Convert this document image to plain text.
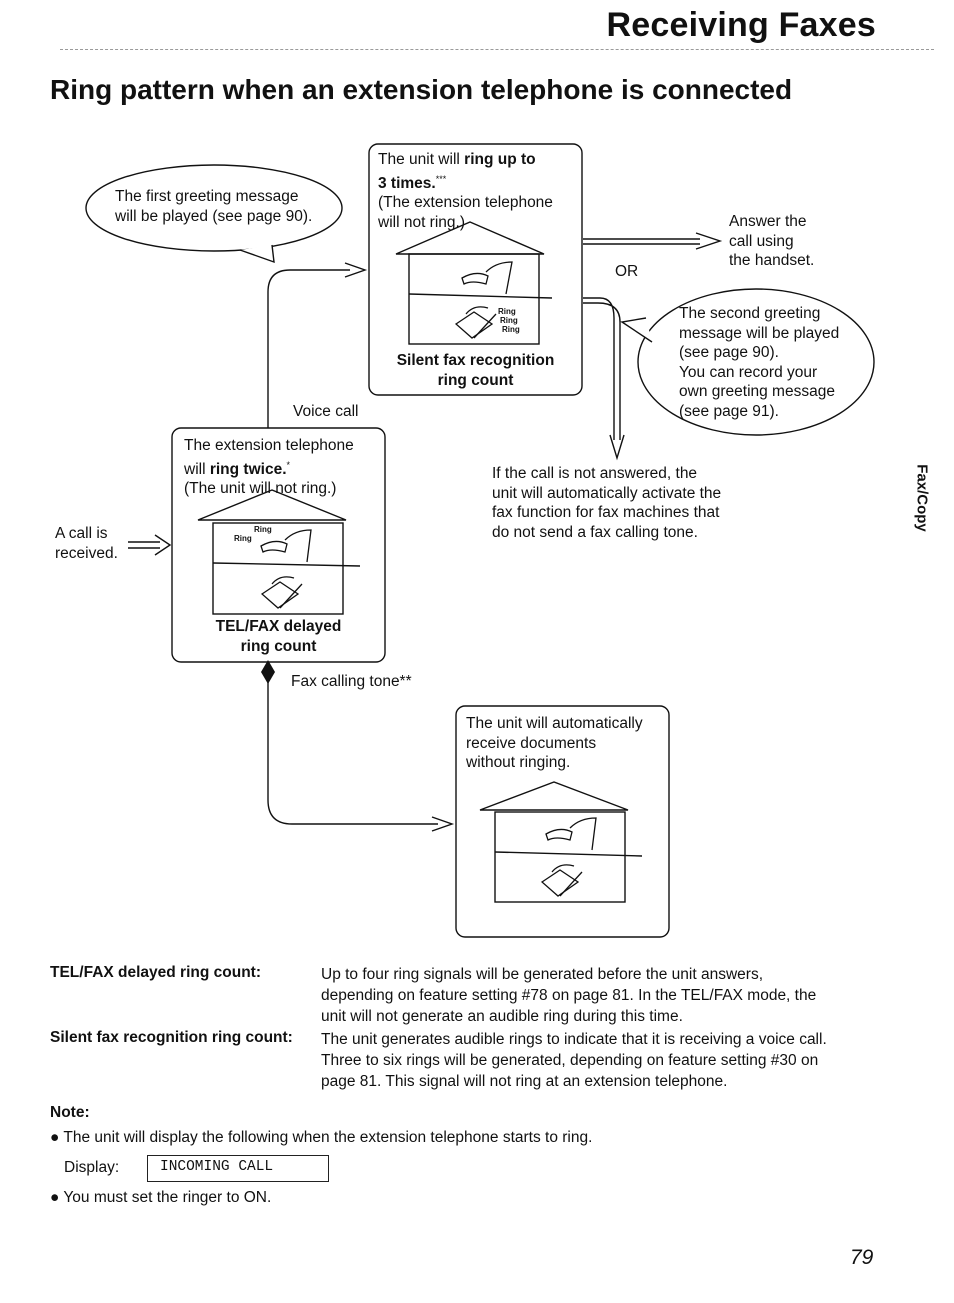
Receiving Faxes
Ring pattern when an extension telephone is connected
Ring
Ring
Ring
Ring
Ring
The first greeting message
will be played (see page 90).
The unit will ring up to
3 times.***
(The extension telephone
will not ring.)
Silent fax recognition
ring count
Answer the
call using
the handset.
OR
The second greeting
message will be played
(see page 90).
You can record your
own greeting message
(see page 91).
Voice call
The extension telephone
will ring twice.*
(The unit will not ring.)
TEL/FAX delayed
ring count
A call is
received.
If the call is not answered, the
unit will automatically activate the
fax function for fax machines that
do not send a fax calling tone.
Fax calling tone**
The unit will automatically
receive documents
without ringing.
Fax/Copy
TEL/FAX delayed ring count:	Up to four ring signals will be generated before the unit answers,
depending on feature setting #78 on page 81. In the TEL/FAX mode, the
unit will not generate an audible ring during this time.
Silent fax recognition ring count: The unit generates audible rings to indicate that it is receiving a voice call.
Three to six rings will be generated, depending on feature setting #30 on
page 81. This signal will not ring at an extension telephone.
Note:
● The unit will display the following when the extension telephone starts to ring.
Display:	INCOMING CALL
● You must set the ringer to ON.
79
